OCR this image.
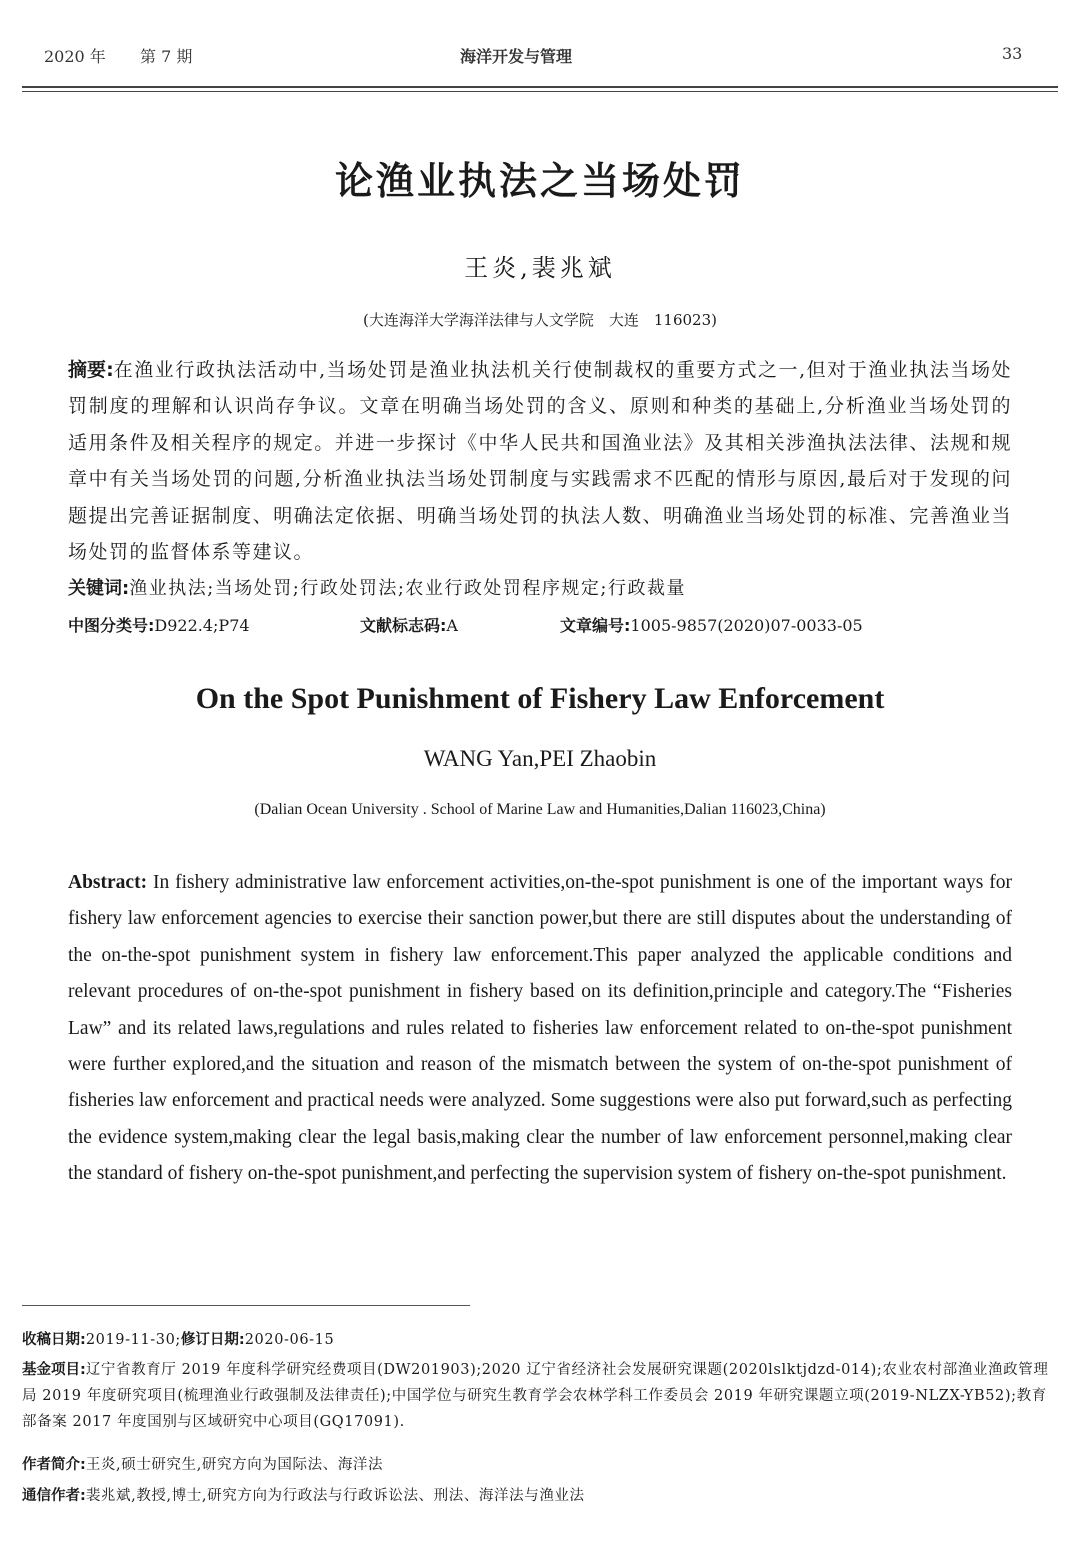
2020 年 第 7 期	海洋开发与管理	33
论渔业执法之当场处罚
王炎,裴兆斌
(大连海洋大学海洋法律与人文学院　大连　116023)
摘要:在渔业行政执法活动中,当场处罚是渔业执法机关行使制裁权的重要方式之一,但对于渔业执法当场处罚制度的理解和认识尚存争议。文章在明确当场处罚的含义、原则和种类的基础上,分析渔业当场处罚的适用条件及相关程序的规定。并进一步探讨《中华人民共和国渔业法》及其相关涉渔执法法律、法规和规章中有关当场处罚的问题,分析渔业执法当场处罚制度与实践需求不匹配的情形与原因,最后对于发现的问题提出完善证据制度、明确法定依据、明确当场处罚的执法人数、明确渔业当场处罚的标准、完善渔业当场处罚的监督体系等建议。
关键词:渔业执法;当场处罚;行政处罚法;农业行政处罚程序规定;行政裁量
中图分类号:D922.4;P74	文献标志码:A	文章编号:1005-9857(2020)07-0033-05
On the Spot Punishment of Fishery Law Enforcement
WANG Yan,PEI Zhaobin
(Dalian Ocean University . School of Marine Law and Humanities,Dalian 116023,China)
Abstract: In fishery administrative law enforcement activities,on-the-spot punishment is one of the important ways for fishery law enforcement agencies to exercise their sanction power,but there are still disputes about the understanding of the on-the-spot punishment system in fishery law enforcement.This paper analyzed the applicable conditions and relevant procedures of on-the-spot punishment in fishery based on its definition,principle and category.The “Fisheries Law” and its related laws,regulations and rules related to fisheries law enforcement related to on-the-spot punishment were further explored,and the situation and reason of the mismatch between the system of on-the-spot punishment of fisheries law enforcement and practical needs were analyzed. Some suggestions were also put forward,such as perfecting the evidence system,making clear the legal basis,making clear the number of law enforcement personnel,making clear the standard of fishery on-the-spot punishment,and perfecting the supervision system of fishery on-the-spot punishment.
收稿日期:2019-11-30;修订日期:2020-06-15
基金项目:辽宁省教育厅 2019 年度科学研究经费项目(DW201903);2020 辽宁省经济社会发展研究课题(2020lslktjdzd-014);农业农村部渔业渔政管理局 2019 年度研究项目(梳理渔业行政强制及法律责任);中国学位与研究生教育学会农林学科工作委员会 2019 年研究课题立项(2019-NLZX-YB52);教育部备案 2017 年度国别与区域研究中心项目(GQ17091).
作者简介:王炎,硕士研究生,研究方向为国际法、海洋法
通信作者:裴兆斌,教授,博士,研究方向为行政法与行政诉讼法、刑法、海洋法与渔业法
